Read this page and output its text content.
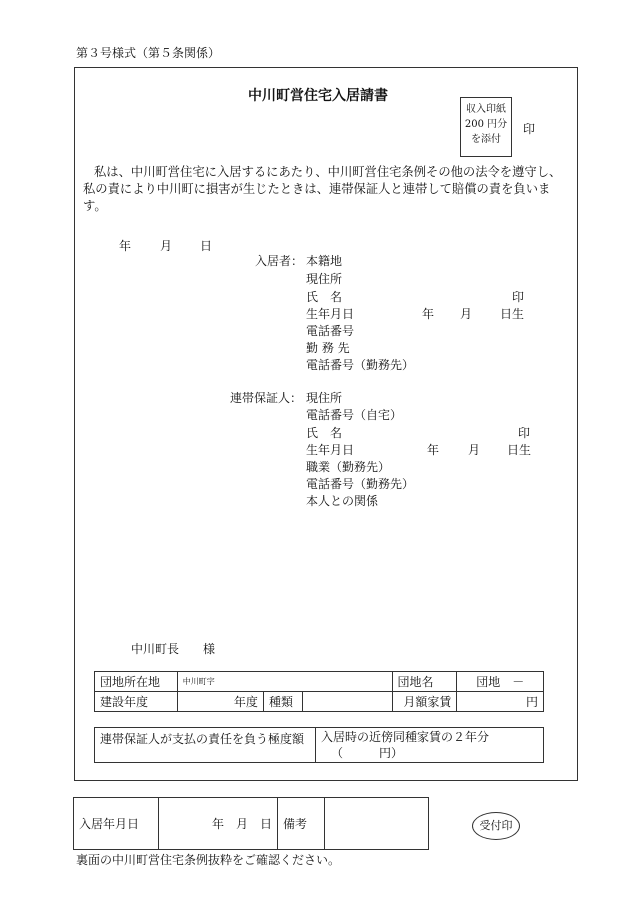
第３号様式（第５条関係）
中川町営住宅入居請書
収入印紙
200 円分
を添付
印
私は、中川町営住宅に入居するにあたり、中川町営住宅条例その他の法令を遵守し、私の責により中川町に損害が生じたときは、連帯保証人と連帯して賠償の責を負います。
年 月 日
入居者： 本籍地
現住所
氏　名	印
生年月日	年 月 日生
電話番号
勤 務 先
電話番号（勤務先）
連帯保証人： 現住所
電話番号（自宅）
氏　名	印
生年月日	年 月 日生
職業（勤務先）
電話番号（勤務先）
本人との関係
中川町長　　様
団地所在地	中川町字			団地名	団地　－
建設年度	年度	種類		月額家賃	円
連帯保証人が支払の責任を負う極度額	入居時の近傍同種家賃の２年分
（　　　円）
入居年月日	年　月　日	備考		受付印
裏面の中川町営住宅条例抜粋をご確認ください。
